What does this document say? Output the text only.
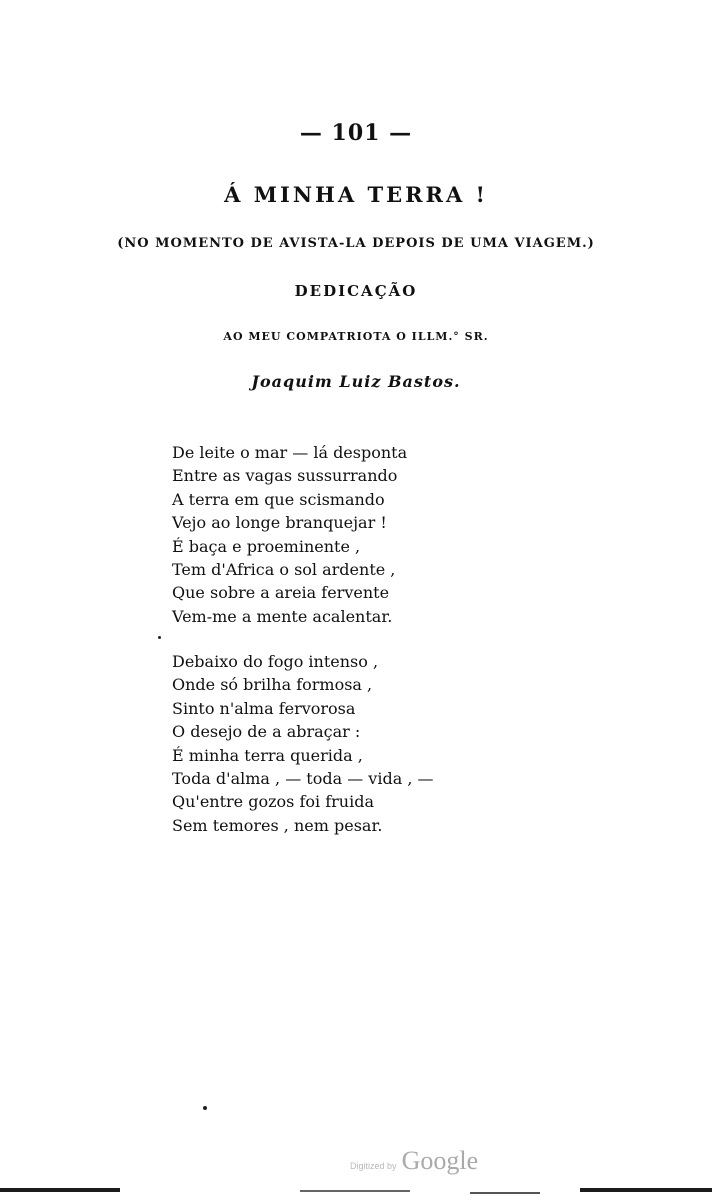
— 101 —
Á MINHA TERRA !
(NO MOMENTO DE AVISTA-LA DEPOIS DE UMA VIAGEM.)
DEDICAÇÃO
AO MEU COMPATRIOTA O ILLM.° SR.
Joaquim Luiz Bastos.
De leite o mar — lá desponta
Entre as vagas sussurrando
A terra em que scismando
Vejo ao longe branquejar !
É baça e proeminente ,
Tem d'Africa o sol ardente ,
Que sobre a areia fervente
Vem-me a mente acalentar.
Debaixo do fogo intenso ,
Onde só brilha formosa ,
Sinto n'alma fervorosa
O desejo de a abraçar :
É minha terra querida ,
Toda d'alma , — toda — vida , —
Qu'entre gozos foi fruida
Sem temores , nem pesar.
Digitized by Google
